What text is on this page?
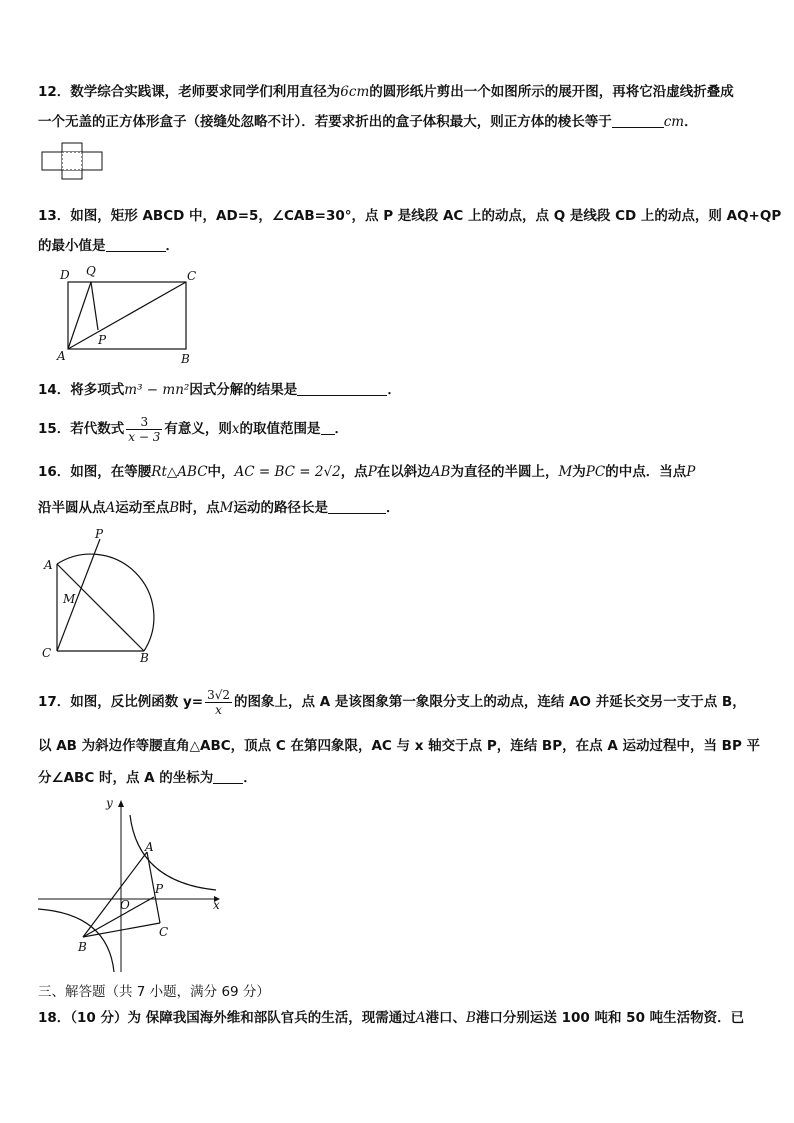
12．数学综合实践课，老师要求同学们利用直径为6cm的圆形纸片剪出一个如图所示的展开图，再将它沿虚线折叠成
一个无盖的正方体形盒子（接缝处忽略不计）．若要求折出的盒子体积最大，则正方体的棱长等于	cm．
13．如图，矩形 ABCD 中，AD=5，∠CAB=30°，点 P 是线段 AC 上的动点，点 Q 是线段 CD 上的动点，则 AQ+QP
的最小值是	．
D Q	C
A
P
B
14．将多项式m³ − mn²因式分解的结果是	．
15．若代数式 $\frac{3}{x - 3}$ 有意义，则x的取值范围是 ．
16．如图，在等腰Rt△ABC中，AC = BC = 2√2，点P在以斜边AB为直径的半圆上，M为PC的中点．当点P
沿半圆从点A运动至点B时，点M运动的路径长是	．
P
A
M
C	B
17．如图，反比例函数 $y= \frac{3√2}{x}$ 的图象上，点 A 是该图象第一象限分支上的动点，连结 AO 并延长交另一支于点 B，
以 AB 为斜边作等腰直角△ABC，顶点 C 在第四象限，AC 与 x 轴交于点 P，连结 BP，在点 A 运动过程中，当 BP 平
分∠ABC 时，点 A 的坐标为 ．
y
x
A
P
O
B
C
三、解答题（共 7 小题，满分 69 分）
18．（10 分）为 保障我国海外维和部队官兵的生活，现需通过A港口、B港口分别运送 100 吨和 50 吨生活物资．已
